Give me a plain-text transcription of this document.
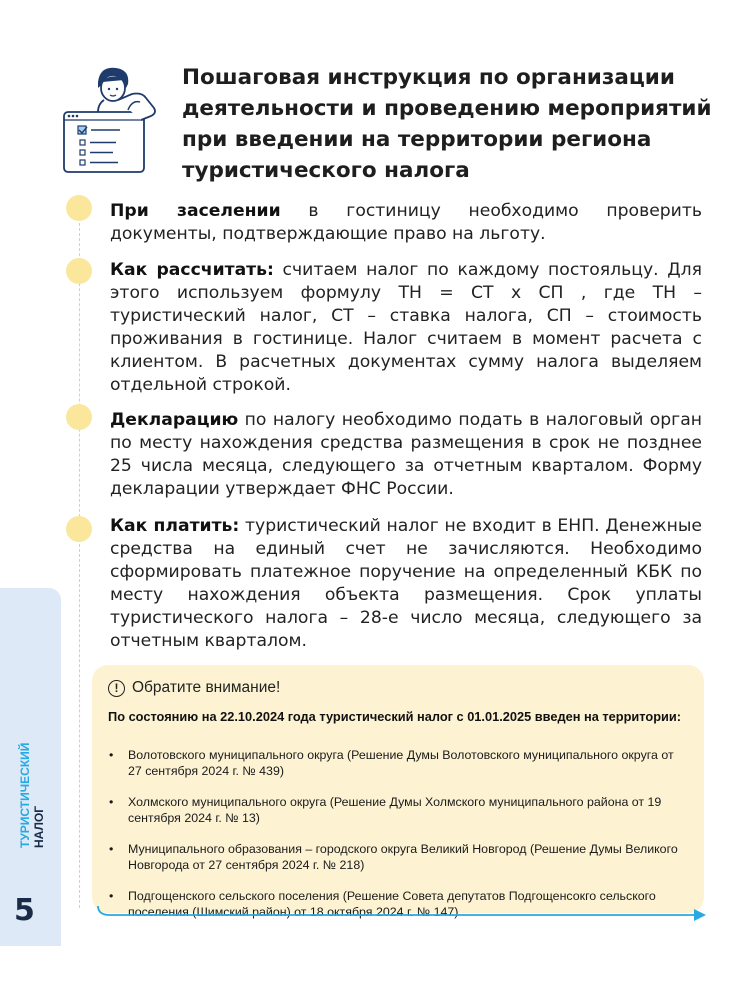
Пошаговая инструкция по организации деятельности и проведению мероприятий при введении на территории региона туристического налога
При заселении в гостиницу необходимо проверить документы, подтверждающие право на льготу.
Как рассчитать: считаем налог по каждому постояльцу. Для этого используем формулу ТН = СТ х СП , где ТН – туристический налог, СТ – ставка налога, СП – стоимость проживания в гостинице. Налог считаем в момент расчета с клиентом. В расчетных документах сумму налога выделяем отдельной строкой.
Декларацию по налогу необходимо подать в налоговый орган по месту нахождения средства размещения в срок не позднее 25 числа месяца, следующего за отчетным кварталом. Форму декларации утверждает ФНС России.
Как платить: туристический налог не входит в ЕНП. Денежные средства на единый счет не зачисляются. Необходимо сформировать платежное поручение на определенный КБК по месту нахождения объекта размещения. Срок уплаты туристического налога – 28-е число месяца, следующего за отчетным кварталом.
! Обратите внимание!
По состоянию на 22.10.2024 года туристический налог с 01.01.2025 введен на территории:
• Волотовского муниципального округа (Решение Думы Волотовского муниципального округа от 27 сентября 2024 г. № 439)
• Холмского муниципального округа (Решение Думы Холмского муниципального района от 19 сентября 2024 г. № 13)
• Муниципального образования – городского округа Великий Новгород (Решение Думы Великого Новгорода от 27 сентября 2024 г. № 218)
• Подгощенского сельского поселения (Решение Совета депутатов Подгощенсокго сельского поселения (Шимский район) от 18 октября 2024 г. № 147)
ТУРИСТИЧЕСКИЙ НАЛОГ
5
